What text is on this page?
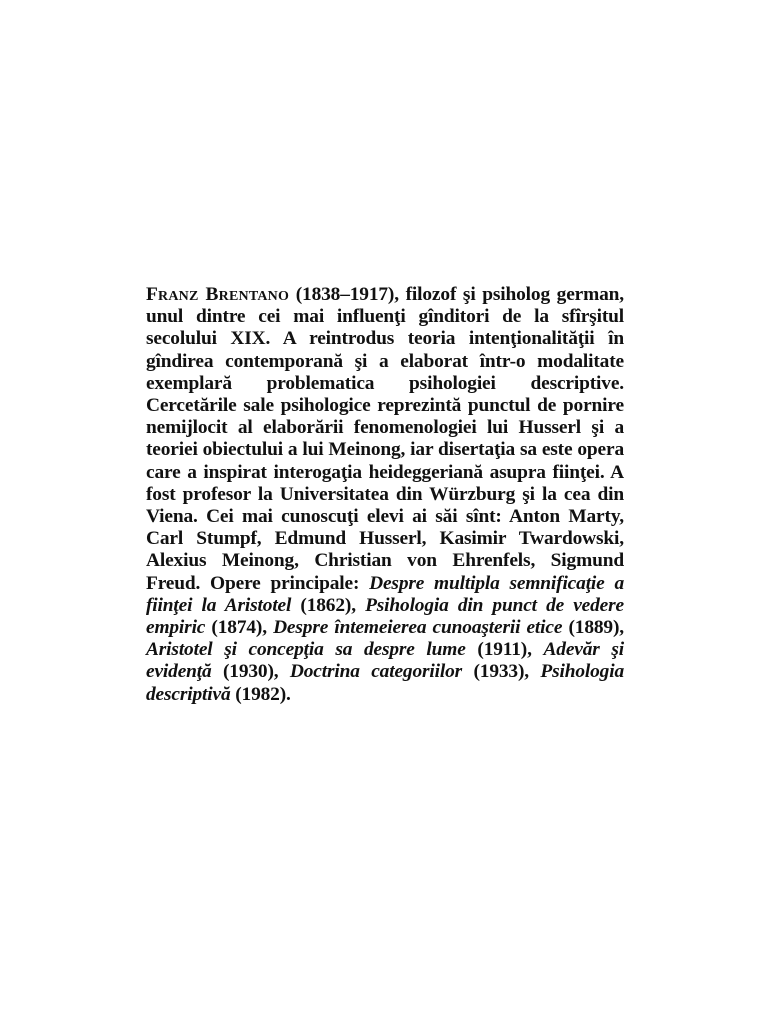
Franz Brentano (1838–1917), filozof şi psiholog german, unul dintre cei mai influenţi gînditori de la sfîrşitul secolului XIX. A reintrodus teoria intenţionalităţii în gîndirea contemporană şi a elaborat într-o modalitate exemplară problematica psihologiei descriptive. Cercetările sale psihologice reprezintă punctul de pornire nemijlocit al elaborării fenomenologiei lui Husserl şi a teoriei obiectului a lui Meinong, iar disertaţia sa este opera care a inspirat interogaţia heideggeriană asupra fiinţei. A fost profesor la Universitatea din Würzburg şi la cea din Viena. Cei mai cunoscuţi elevi ai săi sînt: Anton Marty, Carl Stumpf, Edmund Husserl, Kasimir Twardowski, Alexius Meinong, Christian von Ehrenfels, Sigmund Freud. Opere principale: Despre multipla semnificaţie a fiinţei la Aristotel (1862), Psihologia din punct de vedere empiric (1874), Despre întemeierea cunoaşterii etice (1889), Aristotel şi concepţia sa despre lume (1911), Adevăr şi evidenţă (1930), Doctrina categoriilor (1933), Psihologia descriptivă (1982).
